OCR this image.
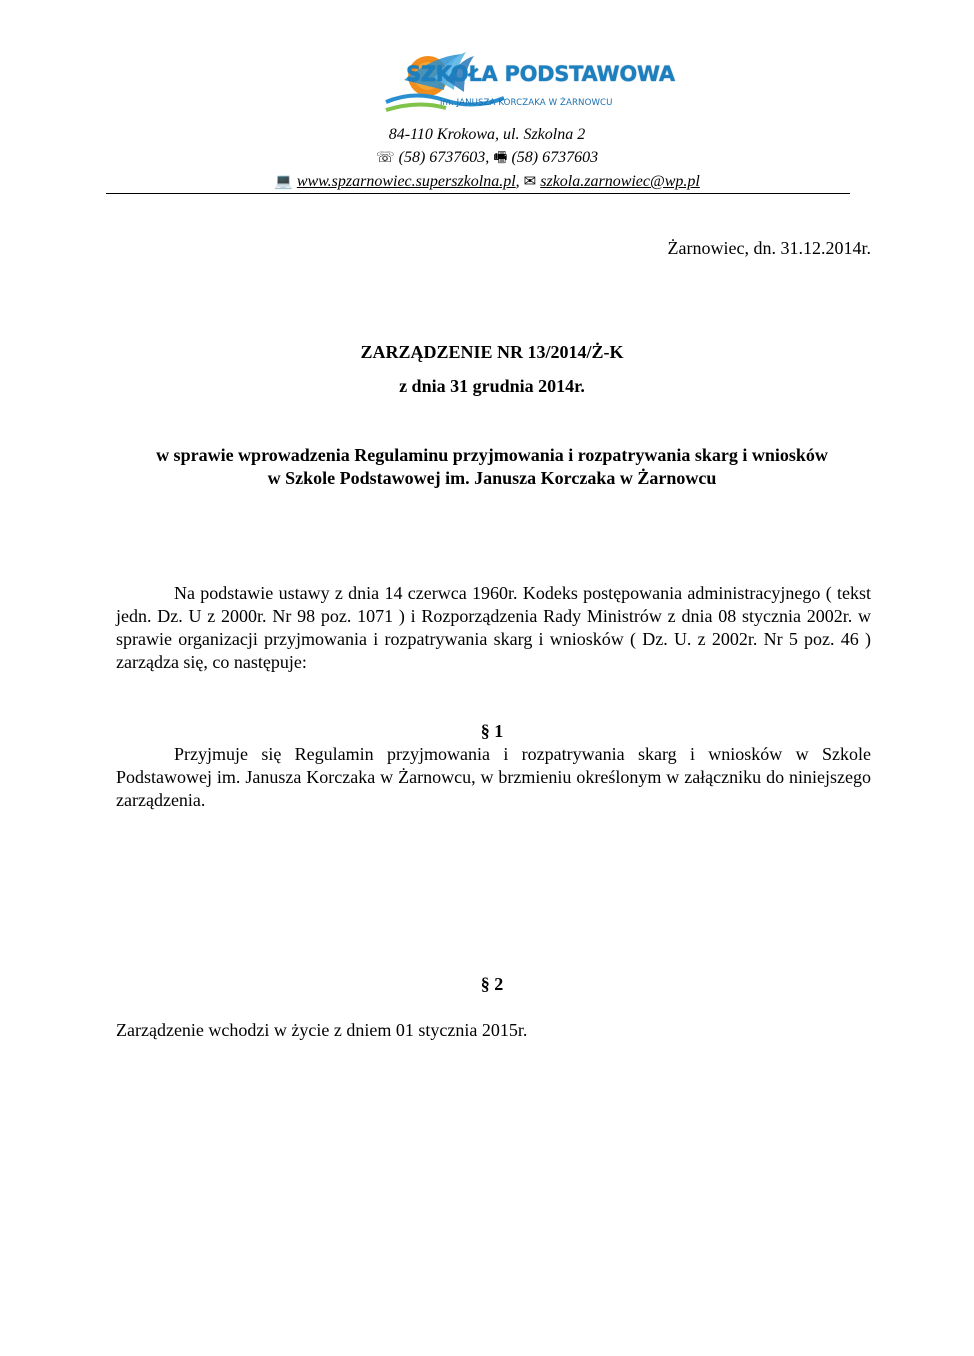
SZKOŁA PODSTAWOWA
im. JANUSZA KORCZAKA W ŻARNOWCU
84-110 Krokowa, ul. Szkolna 2
☏ (58) 6737603, 🖷 (58) 6737603
💻 www.spzarnowiec.superszkolna.pl, ✉ szkola.zarnowiec@wp.pl
Żarnowiec, dn. 31.12.2014r.
ZARZĄDZENIE NR 13/2014/Ż-K
z dnia 31 grudnia 2014r.
w sprawie wprowadzenia Regulaminu przyjmowania i rozpatrywania skarg i wniosków
w Szkole Podstawowej im. Janusza Korczaka w Żarnowcu
Na podstawie ustawy z dnia 14 czerwca 1960r. Kodeks postępowania administracyjnego ( tekst jedn. Dz. U z 2000r. Nr 98 poz. 1071 ) i Rozporządzenia Rady Ministrów z dnia 08 stycznia 2002r. w sprawie organizacji przyjmowania i rozpatrywania skarg i wniosków ( Dz. U. z 2002r. Nr 5 poz. 46 ) zarządza się, co następuje:
§ 1
Przyjmuje się Regulamin przyjmowania i rozpatrywania skarg i wniosków w Szkole Podstawowej im. Janusza Korczaka w Żarnowcu, w brzmieniu określonym w załączniku do niniejszego zarządzenia.
§ 2
Zarządzenie wchodzi w życie z dniem 01 stycznia 2015r.
